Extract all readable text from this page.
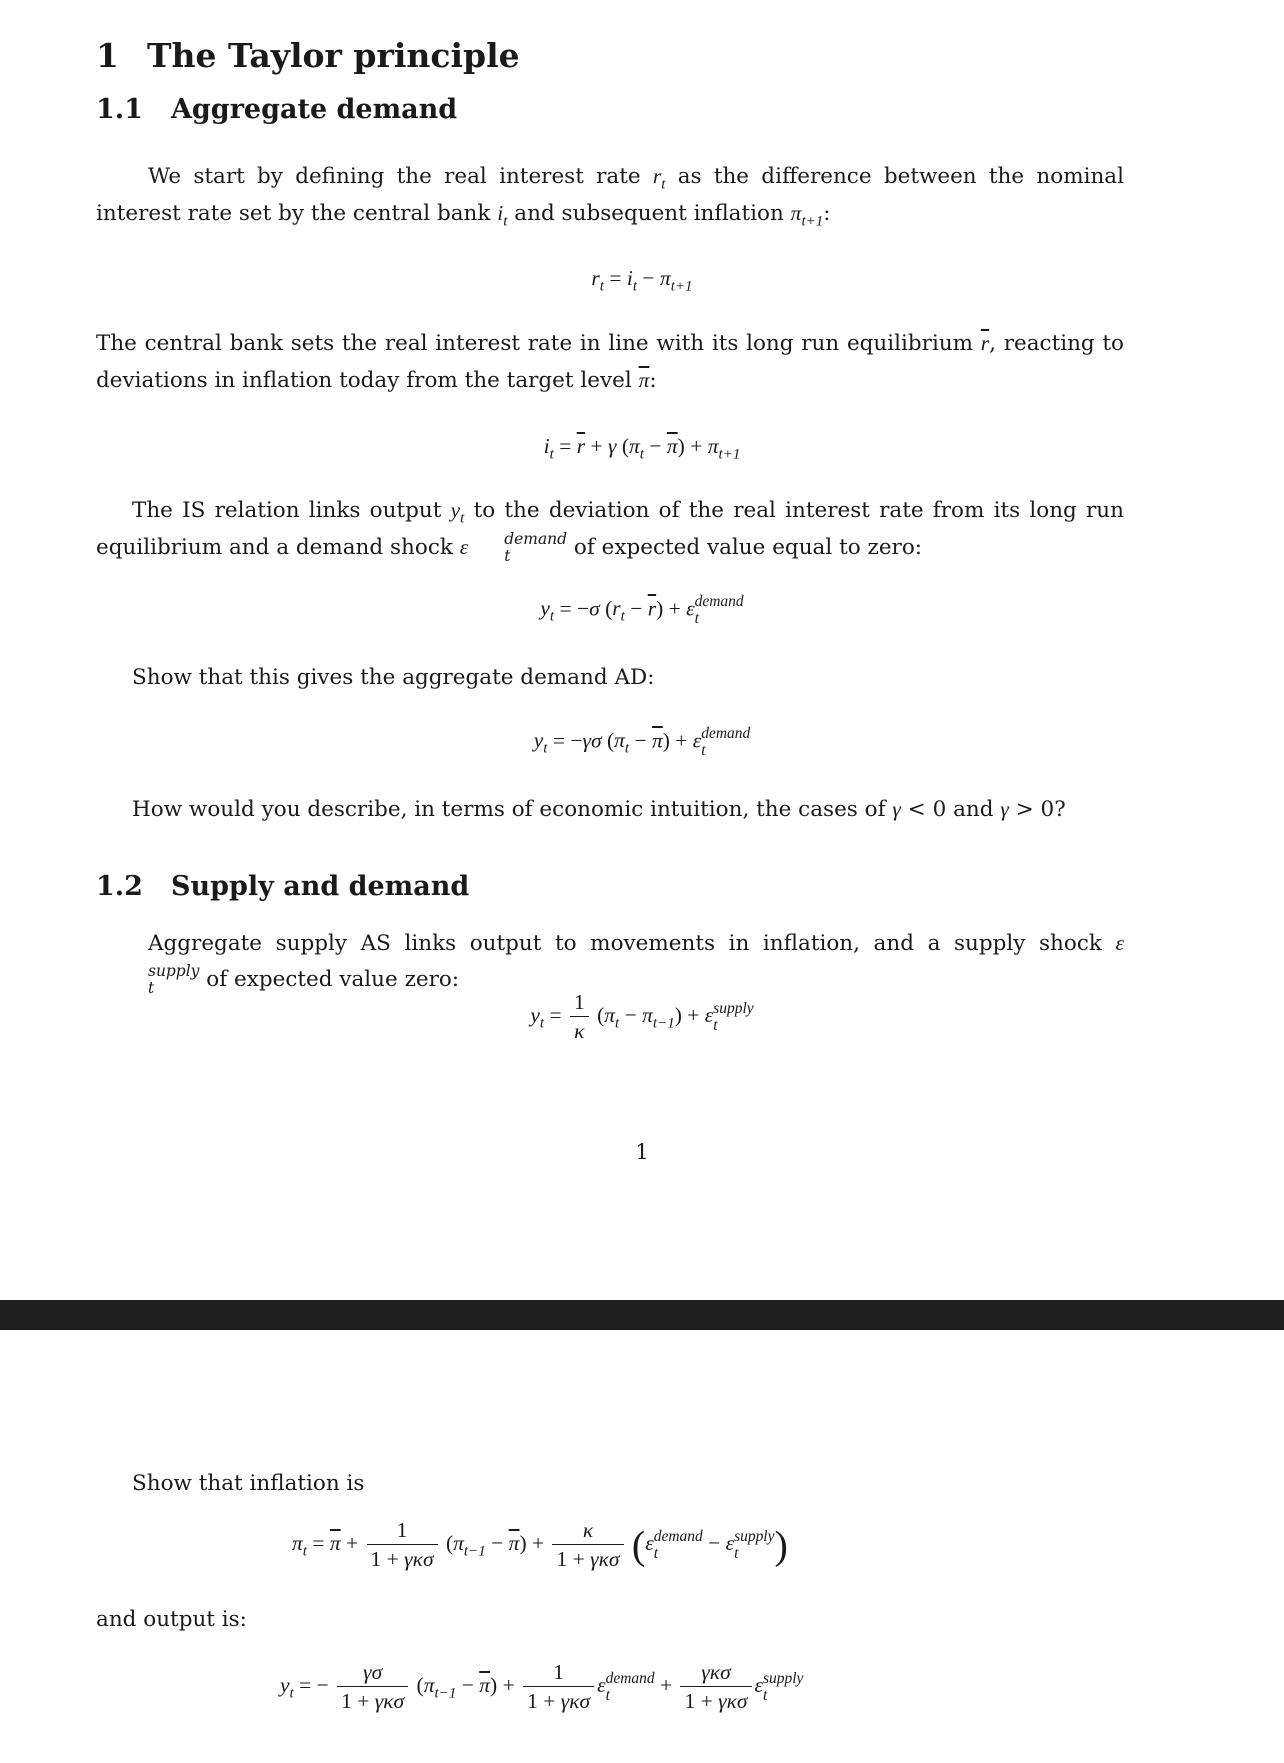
1 The Taylor principle
1.1 Aggregate demand
We start by defining the real interest rate $r_t$ as the difference between the nominal interest rate set by the central bank $i_t$ and subsequent inflation $\pi_{t+1}$:
$r_t = i_t - \pi_{t+1}$
The central bank sets the real interest rate in line with its long run equilibrium $\overline{r}$, reacting to deviations in inflation today from the target level $\overline{\pi}$:
$i_t = \overline{r} + \gamma$ $(\pi_t - \overline{\pi}) + \pi_{t+1}$
The IS relation links output $y_t$ to the deviation of the real interest rate from its long run equilibrium and a demand shock ε	demand
t	of expected value equal to zero:
$y_t = -\sigma$ $(r_t - \overline{r}) + \varepsilon$ demand
t
Show that this gives the aggregate demand AD:
$y_t = -\gamma\sigma$ $(\pi_t - \overline{\pi}) + \varepsilon$ demand
t
How would you describe, in terms of economic intuition, the cases of γ < 0 and γ > 0?
1.2 Supply and demand
Aggregate supply AS links output to movements in inflation, and a supply shock ε
supply
t	of expected value zero:
$y_t = \frac{1}{\kappa} (\pi_t - \pi_{t-1}) + \varepsilon$ supply
t
1
Show that inflation is
$\pi_t = \overline{\pi} + \frac{1}{\text{1 + γκσ}} (\pi_{t-1} - \overline{\pi}) + \frac{\kappa}{\text{1 + γκσ}} (\varepsilon$ demand
t	− ε supply
t )
and output is:
$y_t$ = − $\frac{\gamma\sigma}{\text{1 + γκσ}} (\pi_{t-1} - \overline{\pi}) + \frac{1}{\text{1 + γκσ}}$ ε demand
t	+ $\frac{\text{γκσ}}{\text{1 + γκσ}}$ ε supply
t
